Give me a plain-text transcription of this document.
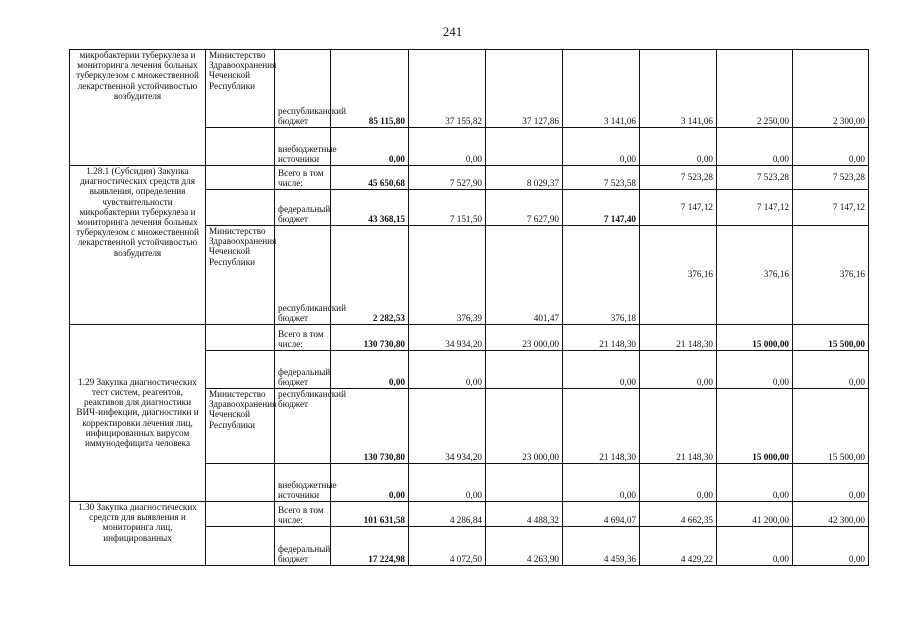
241
микробактерии туберкулеза и мониторинга лечения больных туберкулезом с множественной лекарственной устойчивостью возбудителя	Министерство Здравоохранения Чеченской Республики	республиканский бюджет	85 115,80	37 155,82	37 127,86	3 141,06	3 141,06	2 250,00	2 300,00
		внебюджетные источники	0,00	0,00		0,00	0,00	0,00	0,00
1.28.1 (Субсидия) Закупка диагностических средств для выявления, определения чувствительности микробактерии туберкулеза и мониторинга лечения больных туберкулезом с множественной лекарственной устойчивостью возбудителя		Всего в том числе:	45 650,68	7 527,90	8 029,37	7 523,58	7 523,28	7 523,28	7 523,28
		федеральный бюджет	43 368,15	7 151,50	7 627,90	7 147,40	7 147,12	7 147,12	7 147,12
	Министерство Здравоохранения Чеченской Республики	республиканский бюджет	2 282,53	376,39	401,47	376,18	376,16	376,16	376,16
1.29 Закупка диагностических тест систем, реагентов, реактивов для диагностики ВИЧ-инфекции, диагностики и корректировки лечения лиц, инфицированных вирусом иммунодефицита человека		Всего в том числе:	130 730,80	34 934,20	23 000,00	21 148,30	21 148,30	15 000,00	15 500,00
		федеральный бюджет	0,00	0,00		0,00	0,00	0,00	0,00
	Министерство Здравоохранения Чеченской Республики	республиканский бюджет	130 730,80	34 934,20	23 000,00	21 148,30	21 148,30	15 000,00	15 500,00
		внебюджетные источники	0,00	0,00		0,00	0,00	0,00	0,00
1.30 Закупка диагностических средств для выявления и мониторинга лиц, инфицированных		Всего в том числе:	101 631,58	4 286,84	4 488,32	4 694,07	4 662,35	41 200,00	42 300,00
		федеральный бюджет	17 224,98	4 072,50	4 263,90	4 459,36	4 429,22	0,00	0,00
